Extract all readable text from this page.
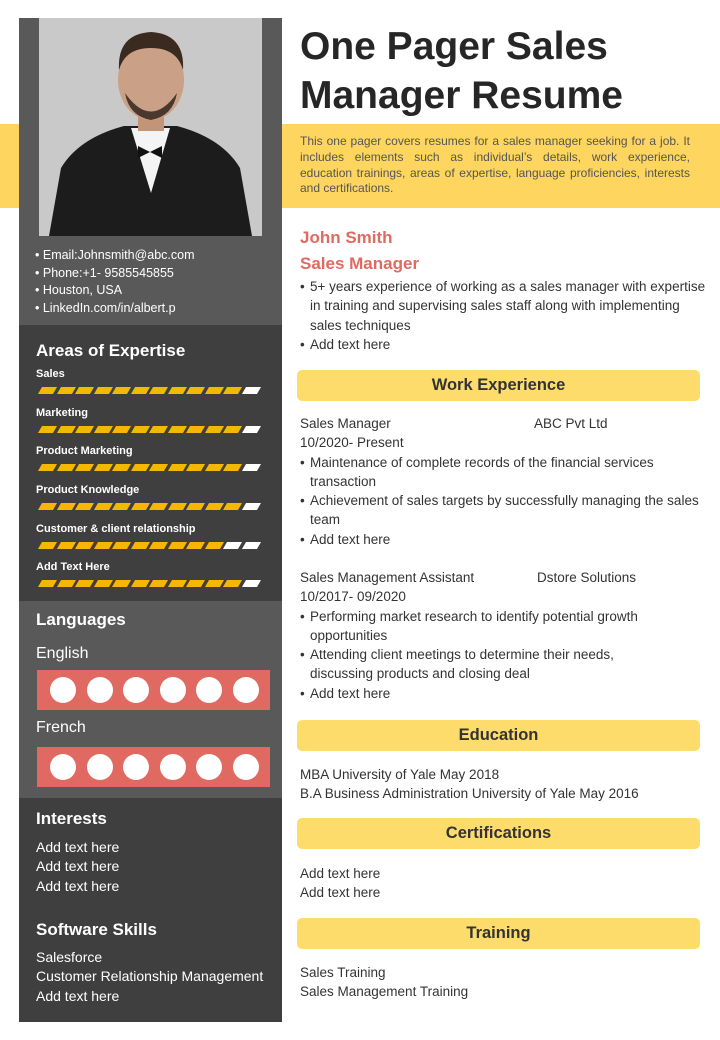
• Email:Johnsmith@abc.com
• Phone:+1- 9585545855
• Houston, USA
• LinkedIn.com/in/albert.p
Areas of Expertise
Sales
Marketing
Product Marketing
Product Knowledge
Customer & client relationship
Add Text Here
Languages
English
French
Interests
Add text here
Add text here
Add text here
Software Skills
Salesforce
Customer Relationship Management
Add text here
One Pager Sales
Manager Resume
This one pager covers resumes for a sales manager seeking for a job. It includes elements such as individual’s details, work experience, education trainings, areas of expertise, language proficiencies, interests and certifications.
John Smith
Sales Manager
• 5+ years experience of working as a sales manager with expertise in training and supervising sales staff along with implementing sales techniques
• Add text here
Work Experience
Sales Manager	ABC Pvt Ltd
10/2020- Present
• Maintenance of complete records of the financial services transaction
• Achievement of sales targets by successfully managing the sales team
• Add text here
Sales Management Assistant	Dstore Solutions
10/2017- 09/2020
• Performing market research to identify potential growth opportunities
• Attending client meetings to determine their needs, discussing products and closing deal
• Add text here
Education
MBA University of Yale May 2018
B.A Business Administration University of Yale May 2016
Certifications
Add text here
Add text here
Training
Sales Training
Sales Management Training
